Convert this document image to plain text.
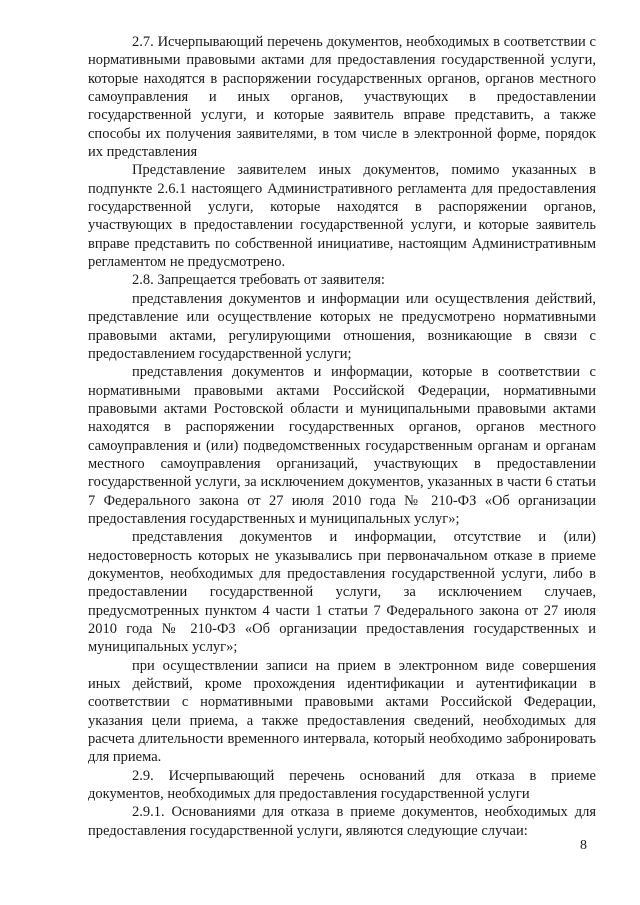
2.7. Исчерпывающий перечень документов, необходимых в соответствии с нормативными правовыми актами для предоставления государственной услуги, которые находятся в распоряжении государственных органов, органов местного самоуправления и иных органов, участвующих в предоставлении государственной услуги, и которые заявитель вправе представить, а также способы их получения заявителями, в том числе в электронной форме, порядок их представления

Представление заявителем иных документов, помимо указанных в подпункте 2.6.1 настоящего Административного регламента для предоставления государственной услуги, которые находятся в распоряжении органов, участвующих в предоставлении государственной услуги, и которые заявитель вправе представить по собственной инициативе, настоящим Административным регламентом не предусмотрено.

2.8. Запрещается требовать от заявителя:

представления документов и информации или осуществления действий, представление или осуществление которых не предусмотрено нормативными правовыми актами, регулирующими отношения, возникающие в связи с предоставлением государственной услуги;

представления документов и информации, которые в соответствии с нормативными правовыми актами Российской Федерации, нормативными правовыми актами Ростовской области и муниципальными правовыми актами находятся в распоряжении государственных органов, органов местного самоуправления и (или) подведомственных государственным органам и органам местного самоуправления организаций, участвующих в предоставлении государственной услуги, за исключением документов, указанных в части 6 статьи 7 Федерального закона от 27 июля 2010 года № 210-ФЗ «Об организации предоставления государственных и муниципальных услуг»;

представления документов и информации, отсутствие и (или) недостоверность которых не указывались при первоначальном отказе в приеме документов, необходимых для предоставления государственной услуги, либо в предоставлении государственной услуги, за исключением случаев, предусмотренных пунктом 4 части 1 статьи 7 Федерального закона от 27 июля 2010 года № 210-ФЗ «Об организации предоставления государственных и муниципальных услуг»;

при осуществлении записи на прием в электронном виде совершения иных действий, кроме прохождения идентификации и аутентификации в соответствии с нормативными правовыми актами Российской Федерации, указания цели приема, а также предоставления сведений, необходимых для расчета длительности временного интервала, который необходимо забронировать для приема.

2.9. Исчерпывающий перечень оснований для отказа в приеме документов, необходимых для предоставления государственной услуги

2.9.1. Основаниями для отказа в приеме документов, необходимых для предоставления государственной услуги, являются следующие случаи:

8
